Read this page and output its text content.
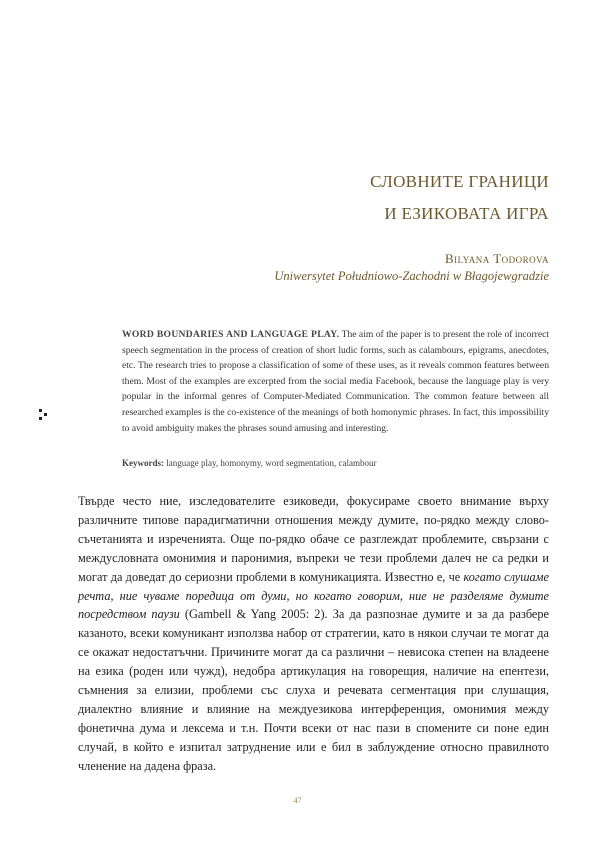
СЛОВНИТЕ ГРАНИЦИ
И ЕЗИКОВАТА ИГРА
Bilyana Todorova
Uniwersytet Południowo-Zachodni w Błagojewgradzie
WORD BOUNDARIES AND LANGUAGE PLAY. The aim of the paper is to present the role of incorrect speech segmentation in the process of creation of short ludic forms, such as calambours, epigrams, anecdotes, etc. The research tries to propose a classification of some of these uses, as it reveals common features between them. Most of the examples are excerpted from the social media Facebook, because the language play is very popular in the informal genres of Computer-Mediated Communication. The common feature between all researched examples is the co-existence of the meanings of both homonymic phrases. In fact, this impossibility to avoid ambiguity makes the phrases sound amusing and interesting.
Keywords: language play, homonymy, word segmentation, calambour
Твърде често ние, изследователите езиковеди, фокусираме своето внимание върху различните типове парадигматични отношения между думите, по-рядко между слово-съчетанията и изреченията. Още по-рядко обаче се разглеждат проблемите, свързани с междусловната омонимия и паронимия, въпреки че тези проблеми далеч не са редки и могат да доведат до сериозни проблеми в комуникацията. Известно е, че когато слушаме речта, ние чуваме поредица от думи, но когато говорим, ние не разделяме думите посредством паузи (Gambell & Yang 2005: 2). За да разпознае думите и за да разбере казаното, всеки комуникант използва набор от стратегии, като в някои случаи те могат да се окажат недостатъчни. Причините могат да са различни – невисока степен на владеене на езика (роден или чужд), недобра артикулация на говорещия, наличие на епентези, съмнения за елизии, проблеми със слуха и речевата сегментация при слушащия, диалектно влияние и влияние на междуезикова интерференция, омонимия между фонетична дума и лексема и т.н. Почти всеки от нас пази в спомените си поне един случай, в който е изпитал затруднение или е бил в заблуждение относно правилното членение на дадена фраза.
47
